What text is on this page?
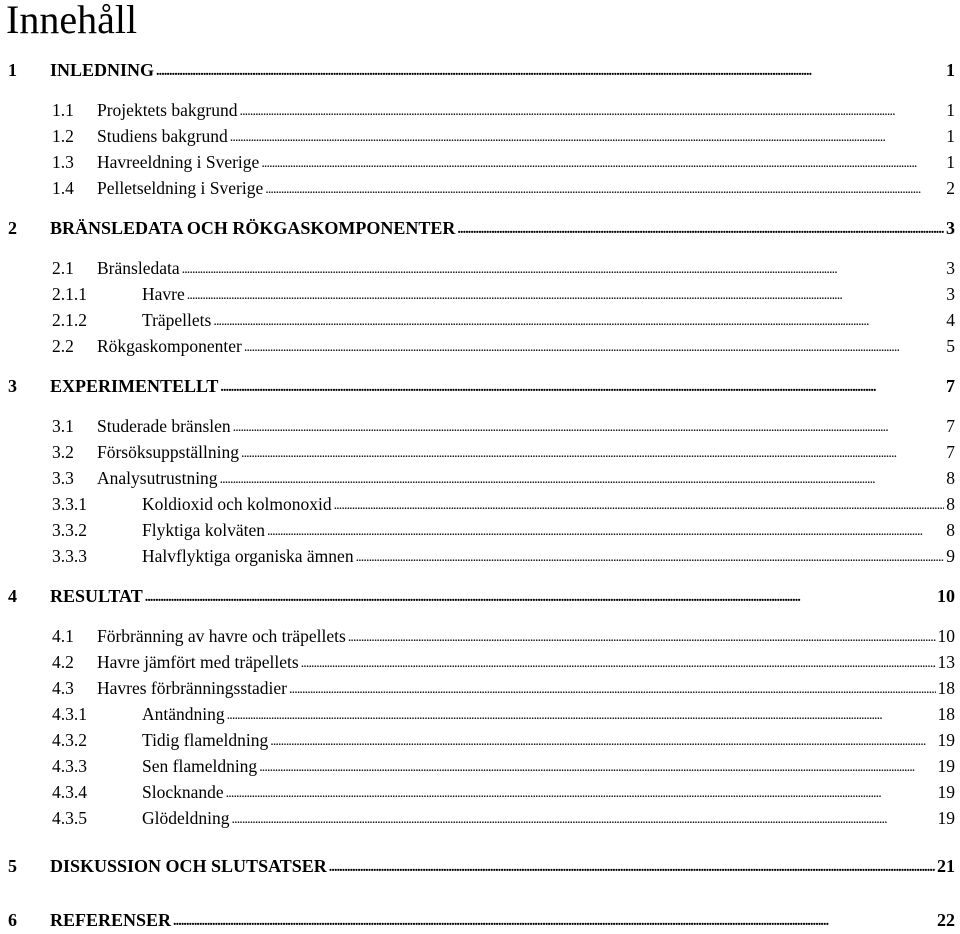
Innehåll
1 INLEDNING . . .	1
1.1 Projektets bakgrund . . .	1
1.2 Studiens bakgrund . . .	1
1.3 Havreeldning i Sverige . . .	1
1.4 Pelletseldning i Sverige . . .	2
2 BRÄNSLEDATA OCH RÖKGASKOMPONENTER . . .	3
2.1 Bränsledata . . .	3
2.1.1	Havre . . .	3
2.1.2	Träpellets . . .	4
2.2 Rökgaskomponenter . . .	5
3 EXPERIMENTELLT . . .	7
3.1 Studerade bränslen . . .	7
3.2 Försöksuppställning . . .	7
3.3 Analysutrustning . . .	8
3.3.1	Koldioxid och kolmonoxid . . .	8
3.3.2	Flyktiga kolväten . . .	8
3.3.3	Halvflyktiga organiska ämnen . . .	9
4 RESULTAT . . .	10
4.1 Förbränning av havre och träpellets . . .	10
4.2 Havre jämfört med träpellets . . .	13
4.3 Havres förbränningsstadier . . .	18
4.3.1	Antändning . . .	18
4.3.2	Tidig flameldning . . .	19
4.3.3	Sen flameldning . . .	19
4.3.4	Slocknande . . .	19
4.3.5	Glödeldning . . .	19
5 DISKUSSION OCH SLUTSATSER . . .	21
6 REFERENSER . . .	22
